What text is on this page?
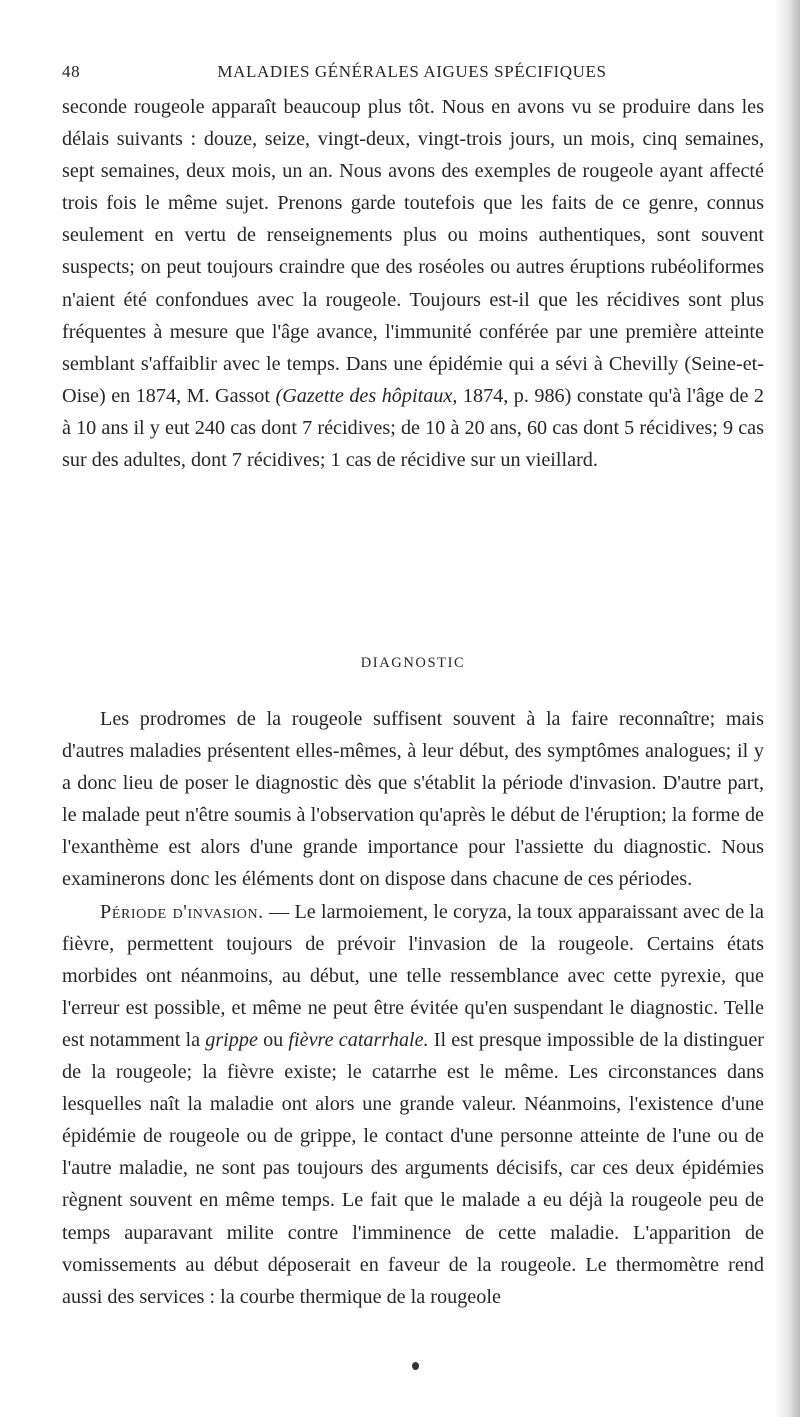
48	MALADIES GÉNÉRALES AIGUES SPÉCIFIQUES

seconde rougeole apparaît beaucoup plus tôt. Nous en avons vu se produire dans les délais suivants : douze, seize, vingt-deux, vingt-trois jours, un mois, cinq semaines, sept semaines, deux mois, un an. Nous avons des exemples de rougeole ayant affecté trois fois le même sujet. Prenons garde toutefois que les faits de ce genre, connus seulement en vertu de renseignements plus ou moins authentiques, sont souvent suspects; on peut toujours craindre que des roséoles ou autres éruptions rubéoliformes n'aient été confondues avec la rougeole. Toujours est-il que les récidives sont plus fréquentes à mesure que l'âge avance, l'immunité conférée par une première atteinte semblant s'affaiblir avec le temps. Dans une épidémie qui a sévi à Chevilly (Seine-et-Oise) en 1874, M. Gassot (Gazette des hôpitaux, 1874, p. 986) constate qu'à l'âge de 2 à 10 ans il y eut 240 cas dont 7 récidives; de 10 à 20 ans, 60 cas dont 5 récidives; 9 cas sur des adultes, dont 7 récidives; 1 cas de récidive sur un vieillard.

DIAGNOSTIC

Les prodromes de la rougeole suffisent souvent à la faire reconnaître; mais d'autres maladies présentent elles-mêmes, à leur début, des symptômes analogues; il y a donc lieu de poser le diagnostic dès que s'établit la période d'invasion. D'autre part, le malade peut n'être soumis à l'observation qu'après le début de l'éruption; la forme de l'exanthème est alors d'une grande importance pour l'assiette du diagnostic. Nous examinerons donc les éléments dont on dispose dans chacune de ces périodes.

Période d'invasion. — Le larmoiement, le coryza, la toux apparaissant avec de la fièvre, permettent toujours de prévoir l'invasion de la rougeole. Certains états morbides ont néanmoins, au début, une telle ressemblance avec cette pyrexie, que l'erreur est possible, et même ne peut être évitée qu'en suspendant le diagnostic. Telle est notamment la grippe ou fièvre catarrhale. Il est presque impossible de la distinguer de la rougeole; la fièvre existe; le catarrhe est le même. Les circonstances dans lesquelles naît la maladie ont alors une grande valeur. Néanmoins, l'existence d'une épidémie de rougeole ou de grippe, le contact d'une personne atteinte de l'une ou de l'autre maladie, ne sont pas toujours des arguments décisifs, car ces deux épidémies règnent souvent en même temps. Le fait que le malade a eu déjà la rougeole peu de temps auparavant milite contre l'imminence de cette maladie. L'apparition de vomissements au début déposerait en faveur de la rougeole. Le thermomètre rend aussi des services : la courbe thermique de la rougeole
